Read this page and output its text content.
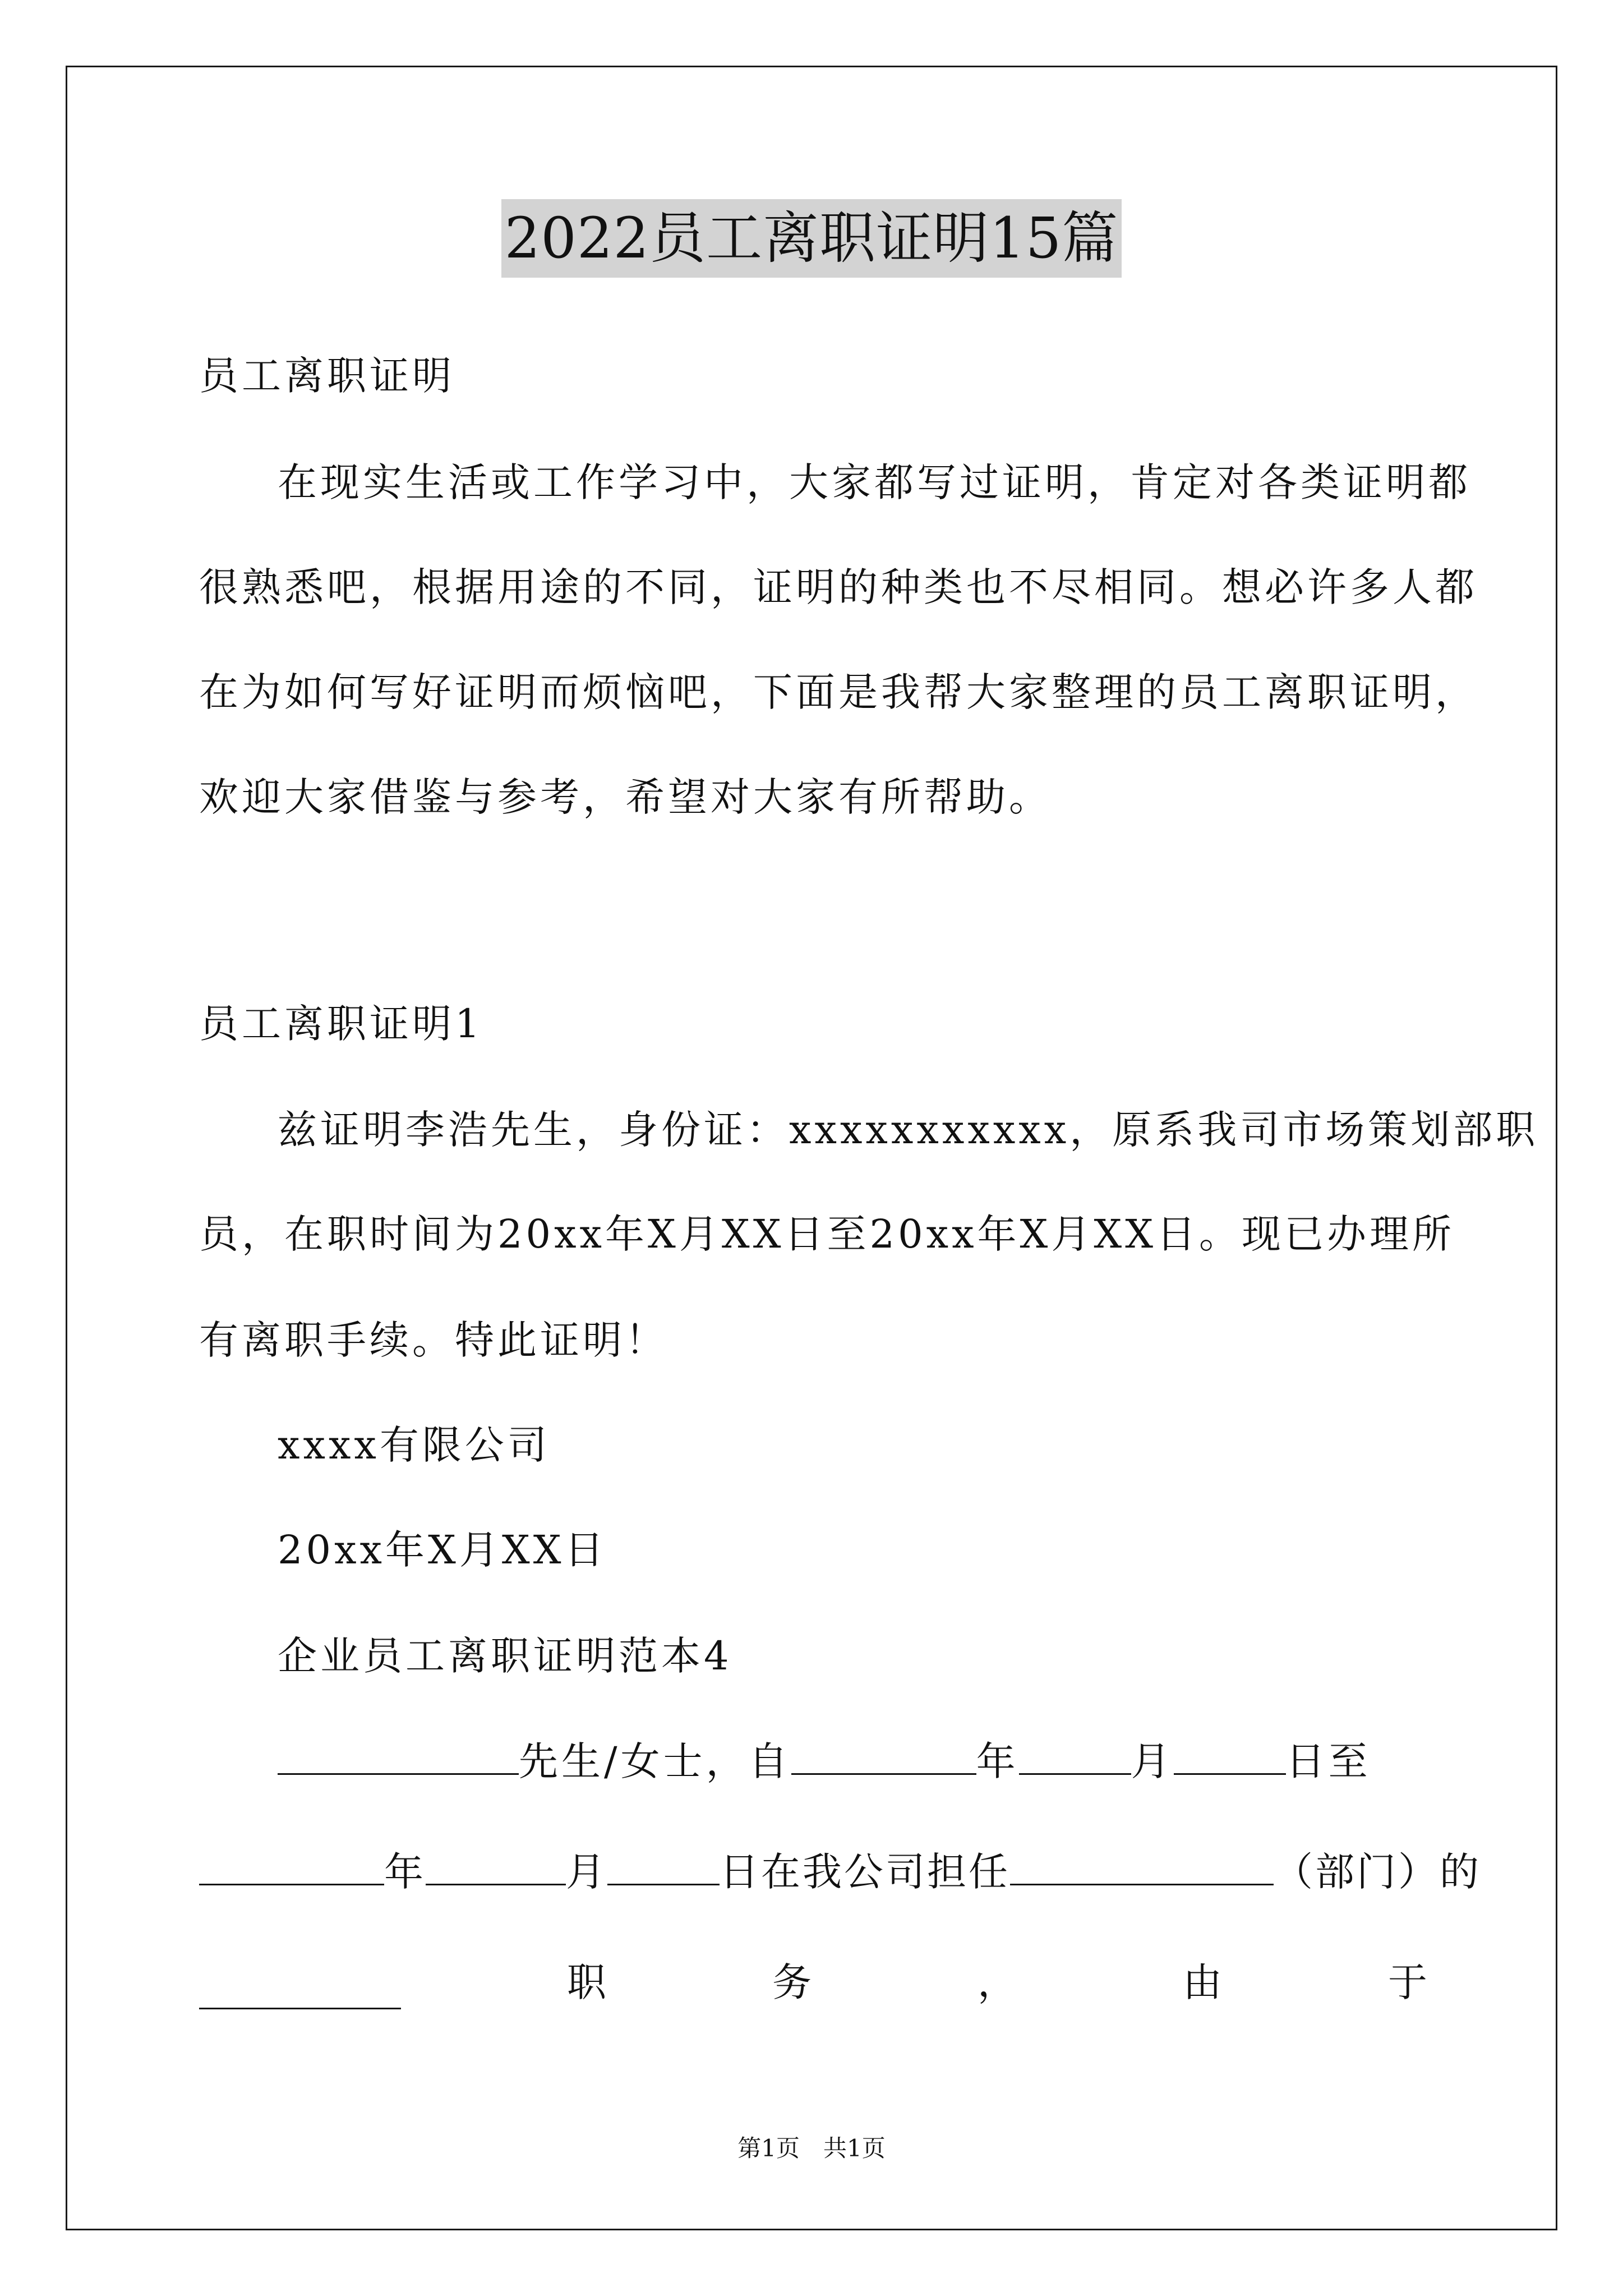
2022员工离职证明15篇
员工离职证明
在现实生活或工作学习中，大家都写过证明，肯定对各类证明都
很熟悉吧，根据用途的不同，证明的种类也不尽相同。想必许多人都
在为如何写好证明而烦恼吧，下面是我帮大家整理的员工离职证明，
欢迎大家借鉴与参考，希望对大家有所帮助。
员工离职证明1
兹证明李浩先生，身份证：xxxxxxxxxxx，原系我司市场策划部职
员，在职时间为20xx年X月XX日至20xx年X月XX日。现已办理所
有离职手续。特此证明！
xxxx有限公司
20xx年X月XX日
企业员工离职证明范本4
先生/女士，自	年	月	日至
年	月	日在我公司担任	（部门）的
职	务	，	由	于
第1页　共1页
